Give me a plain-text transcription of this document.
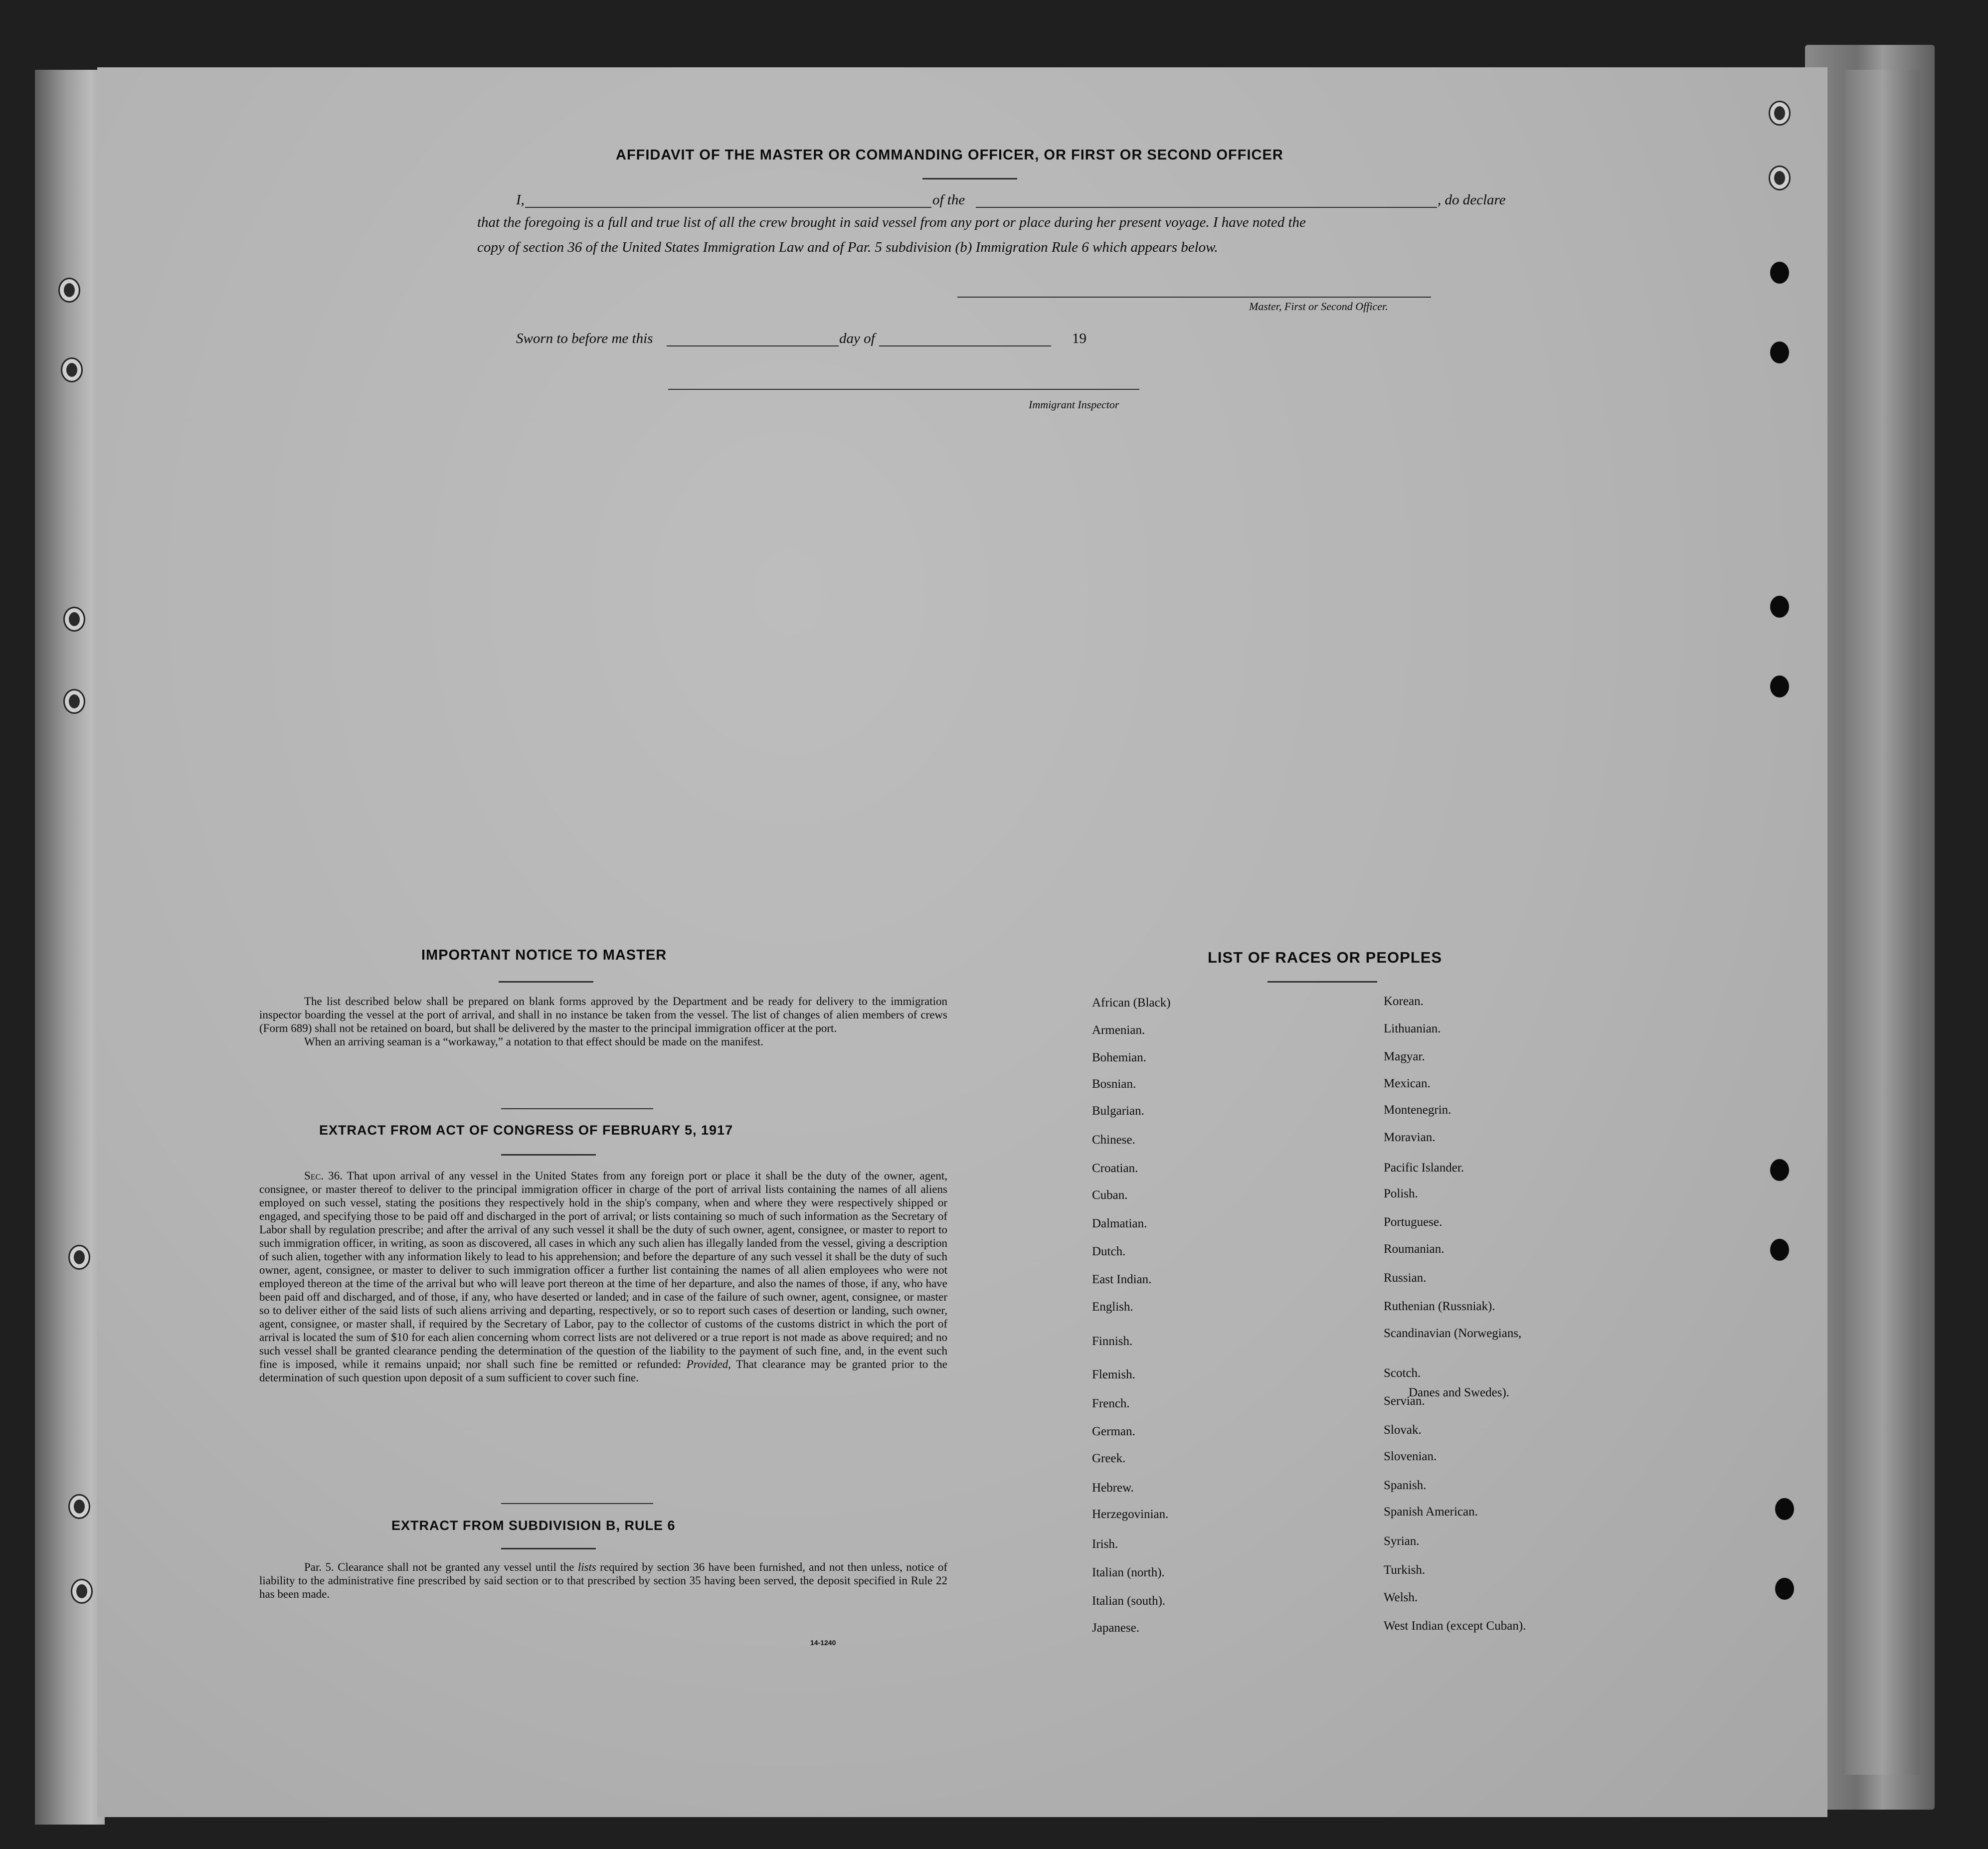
AFFIDAVIT OF THE MASTER OR COMMANDING OFFICER, OR FIRST OR SECOND OFFICER
I,	of the	, do declare
that the foregoing is a full and true list of all the crew brought in said vessel from any port or place during her present voyage. I have noted the
copy of section 36 of the United States Immigration Law and of Par. 5 subdivision (b) Immigration Rule 6 which appears below.
Master, First or Second Officer.
Sworn to before me this	day of	19
Immigrant Inspector
IMPORTANT NOTICE TO MASTER

The list described below shall be prepared on blank forms approved by the Department and be ready for delivery to the immigration inspector boarding the vessel at the port of arrival, and shall in no instance be taken from the vessel. The list of changes of alien members of crews (Form 689) shall not be retained on board, but shall be delivered by the master to the principal immigration officer at the port.

When an arriving seaman is a “workaway,” a notation to that effect should be made on the manifest.

EXTRACT FROM ACT OF CONGRESS OF FEBRUARY 5, 1917

Sec. 36. That upon arrival of any vessel in the United States from any foreign port or place it shall be the duty of the owner, agent, consignee, or master thereof to deliver to the principal immigration officer in charge of the port of arrival lists containing the names of all aliens employed on such vessel, stating the positions they respectively hold in the ship's company, when and where they were respectively shipped or engaged, and specifying those to be paid off and discharged in the port of arrival; or lists containing so much of such information as the Secretary of Labor shall by regulation prescribe; and after the arrival of any such vessel it shall be the duty of such owner, agent, consignee, or master to report to such immigration officer, in writing, as soon as discovered, all cases in which any such alien has illegally landed from the vessel, giving a description of such alien, together with any information likely to lead to his apprehension; and before the departure of any such vessel it shall be the duty of such owner, agent, consignee, or master to deliver to such immigration officer a further list containing the names of all alien employees who were not employed thereon at the time of the arrival but who will leave port thereon at the time of her departure, and also the names of those, if any, who have been paid off and discharged, and of those, if any, who have deserted or landed; and in case of the failure of such owner, agent, consignee, or master so to deliver either of the said lists of such aliens arriving and departing, respectively, or so to report such cases of desertion or landing, such owner, agent, consignee, or master shall, if required by the Secretary of Labor, pay to the collector of customs of the customs district in which the port of arrival is located the sum of $10 for each alien concerning whom correct lists are not delivered or a true report is not made as above required; and no such vessel shall be granted clearance pending the determination of the question of the liability to the payment of such fine, and, in the event such fine is imposed, while it remains unpaid; nor shall such fine be remitted or refunded: Provided, That clearance may be granted prior to the determination of such question upon deposit of a sum sufficient to cover such fine.

EXTRACT FROM SUBDIVISION B, RULE 6

Par. 5. Clearance shall not be granted any vessel until the lists required by section 36 have been furnished, and not then unless, notice of liability to the administrative fine prescribed by said section or to that prescribed by section 35 having been served, the deposit specified in Rule 22 has been made.

14-1240
LIST OF RACES OR PEOPLES
African (Black)
Armenian.
Bohemian.
Bosnian.
Bulgarian.
Chinese.
Croatian.
Cuban.
Dalmatian.
Dutch.
East Indian.
English.
Finnish.
Flemish.
French.
German.
Greek.
Hebrew.
Herzegovinian.
Irish.
Italian (north).
Italian (south).
Japanese.
Korean.
Lithuanian.
Magyar.
Mexican.
Montenegrin.
Moravian.
Pacific Islander.
Polish.
Portuguese.
Roumanian.
Russian.
Ruthenian (Russniak).
Scandinavian (Norwegians,
Scotch.
Servian.
Slovak.
Slovenian.
Spanish.
Spanish American.
Syrian.
Turkish.
Welsh.
West Indian (except Cuban).
Danes and Swedes).
